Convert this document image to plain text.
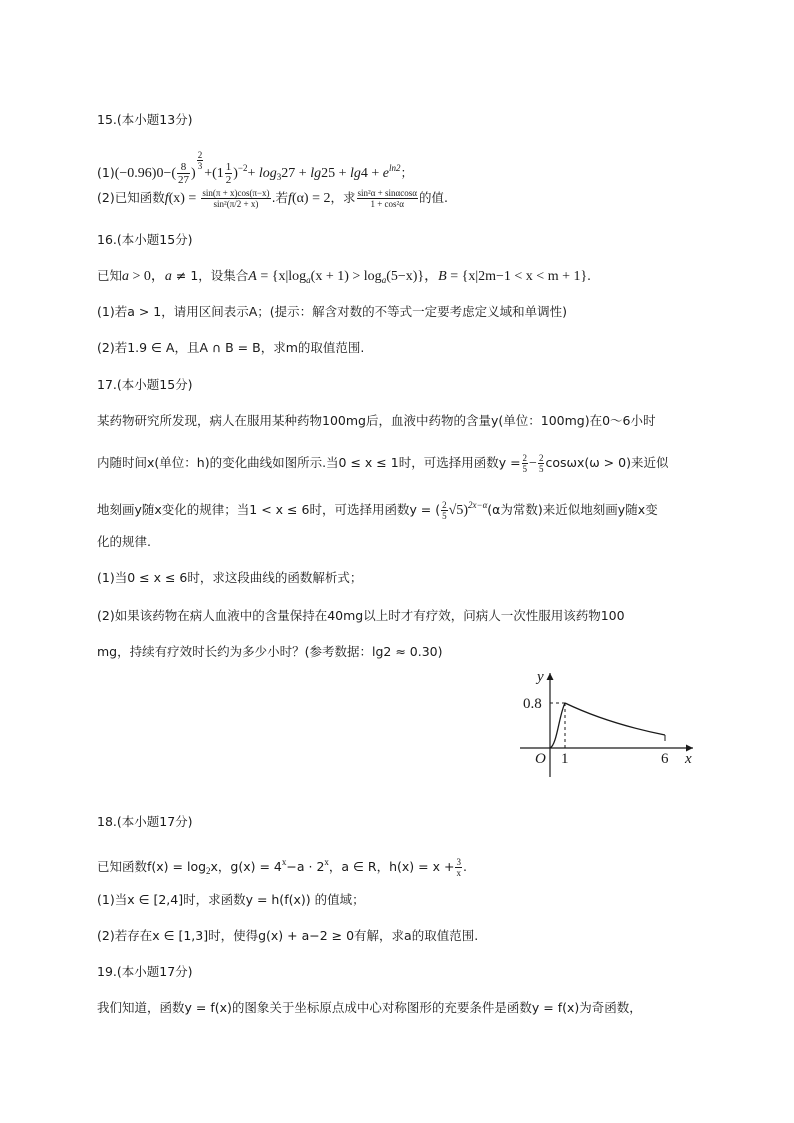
15.(本小题13分)
$(1)(-0.96)0-( \frac{8}{27}$ )
$\frac{2}{3}$
$+(1 \frac{1}{2} )^{-2}+ \log_327 + \lg 25 + \lg 4 + e^{ln2}$；
(2)已知函数$f(x) = \frac{\sin(\pi + x)\cos(\pi-x)}{\text{sin²(π/2 + x)}}$ .若f(α) = 2，求 $\frac{\text{sin²α + sinαcosα}}{\text{1 + cos²α}}$ 的值.
16.(本小题15分)
已知a > 0，a ≠ 1，设集合$A = \{x|\log_a(x + 1) > \log_a(5-x)\}$，B = {x|2m−1 < x < m + 1}.
(1)若a > 1，请用区间表示A；(提示：解含对数的不等式一定要考虑定义域和单调性)
(2)若1.9 ∈ A，且A ∩ B = B，求m的取值范围.
17.(本小题15分)
某药物研究所发现，病人在服用某种药物100mg后，血液中药物的含量y(单位：100mg)在0～6小时
内随时间x(单位：h)的变化曲线如图所示.当0 ≤ x ≤ 1时，可选择用函数$y = \frac{2}{5} - \frac{2}{5} \cos\omega x(\omega > 0)$来近似
地刻画y随x变化的规律；当1 < x ≤ 6时，可选择用函数y = ( $\frac{2}{5} √5)^{2x-\alpha}(\alpha$为常数)来近似地刻画y随x变
化的规律.
(1)当0 ≤ x ≤ 6时，求这段曲线的函数解析式；
(2)如果该药物在病人血液中的含量保持在40mg以上时才有疗效，问病人一次性服用该药物100
mg，持续有疗效时长约为多少小时？(参考数据：lg2 ≈ 0.30)
y
x
O
0.8
1	6
18.(本小题17分)
已知函数$f(x) = \log_2x$，$g(x) = 4^x-a \cdot 2^x$，a ∈ R，$h(x) = x + \frac{3}{x}$ .
(1)当x ∈ [2,4]时，求函数y = h(f(x)) 的值域；
(2)若存在x ∈ [1,3]时，使得g(x) + a−2 ≥ 0有解，求a的取值范围.
19.(本小题17分)
我们知道，函数y = f(x)的图象关于坐标原点成中心对称图形的充要条件是函数y = f(x)为奇函数，
